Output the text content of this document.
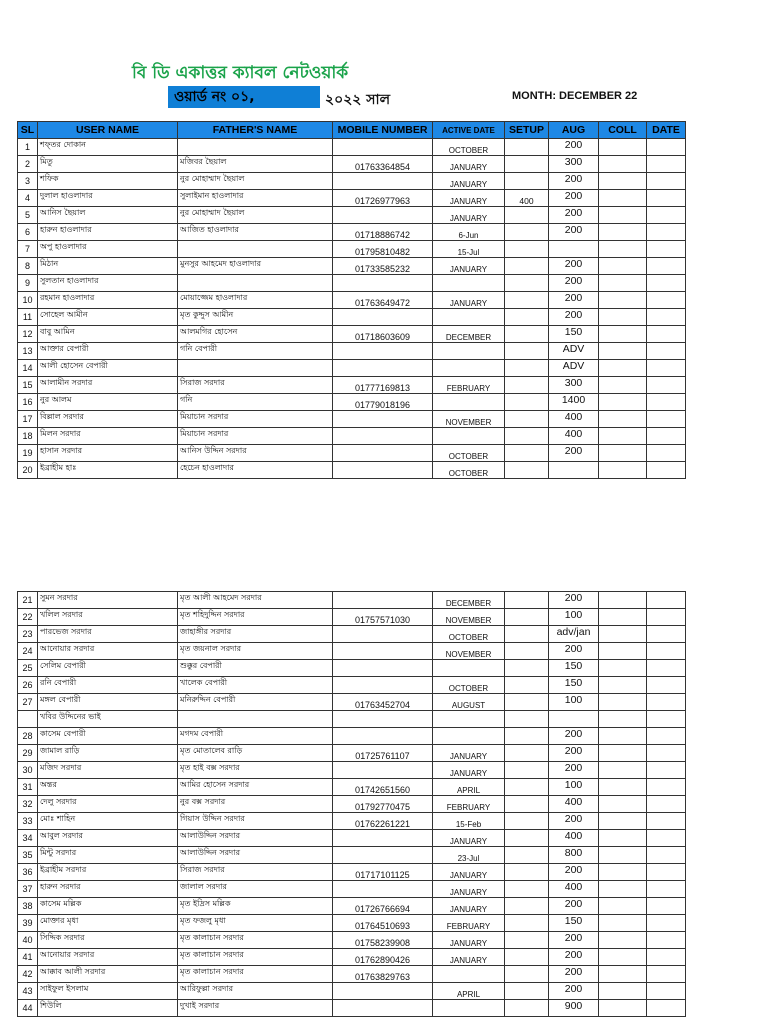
বি ডি একাত্তর ক্যাবল নেটওয়ার্ক
ওয়ার্ড নং ০১,	২০২২ সাল	MONTH: DECEMBER 22
SL	USER NAME	FATHER'S NAME	MOBILE NUMBER	ACTIVE DATE	SETUP	AUG	COLL	DATE
1	শফ্তর দোকান			OCTOBER		200		
2	মিতু	মজিবর ছৈয়াল	01763364854	JANUARY		300		
3	শফিক	নুর মোহাম্মাদ ছৈয়াল		JANUARY		200		
4	দুলাল হাওলাদার	সুলাইমান হাওলাদার	01726977963	JANUARY	400	200		
5	আনিস ছৈয়াল	নুর মোহাম্মাদ ছৈয়াল		JANUARY		200		
6	হারুন হাওলাদার	আজিত হাওলাদার	01718886742	6-Jun		200		
7	অপু হাওলাদার		01795810482	15-Jul				
8	মিঠান	মুনসুর আহমেদ হাওলাদার	01733585232	JANUARY		200		
9	সুলতান হাওলাদার					200		
10	রহমান হাওলাদার	মোয়াজ্জেম হাওলাদার	01763649472	JANUARY		200		
11	সোহেল আমীন	মৃত কুদ্দুস আমীন				200		
12	বাবু আমিন	আলমগির হোসেন	01718603609	DECEMBER		150		
13	আক্তার বেপারী	গনি বেপারী				ADV		
14	আলী হোসেন বেপারী					ADV		
15	আলামীন সরদার	সিরাজ সরদার	01777169813	FEBRUARY		300		
16	নুর আলম	গনি	01779018196			1400		
17	বিল্লাল সরদার	মিয়াচান সরদার		NOVEMBER		400		
18	মিলন সরদার	মিয়াচান সরদার				400		
19	হাসান সরদার	আনিস উদ্দিন সরদার		OCTOBER		200		
20	ইব্রাহীম হাঃ	হেচেন হাওলাদার		OCTOBER				
21	সুমন সরদার	মৃত আলী আহমেদ সরদার		DECEMBER		200		
22	খলিল সরদার	মৃত শহিদুদ্দিন সরদার	01757571030	NOVEMBER		100		
23	পারভেজ সরদার	জাহাঙ্গীর সরদার		OCTOBER		adv/jan		
24	আনোয়ার সরদার	মৃত জয়নাল সরদার		NOVEMBER		200		
25	সেলিম বেপারী	শুক্কুর বেপারী				150		
26	রনি বেপারী	খালেক বেপারী		OCTOBER		150		
27	মঙ্গল বেপারী	মনিরুদ্দিন বেপারী	01763452704	AUGUST		100		
	খবির উদ্দিনের ভাই							
28	কাসেম বেপারী	মগদম বেপারী				200		
29	জামাল রাড়ি	মৃত মোতালেব রাড়ি	01725761107	JANUARY		200		
30	মজিদ সরদার	মৃত হাই বক্স সরদার		JANUARY		200		
31	অন্তর	আমির হোসেন সরদার	01742651560	APRIL		100		
32	দেলু সরদার	নুর বক্স সরদার	01792770475	FEBRUARY		400		
33	মোঃ শাহিন	গিয়াস উদ্দিন সরদার	01762261221	15-Feb		200		
34	আবুল সরদার	আলাউদ্দিন সরদার		JANUARY		400		
35	মিন্টু সরদার	আলাউদ্দিন সরদার		23-Jul		800		
36	ইব্রাহীম সরদার	সিরাজ সরদার	01717101125	JANUARY		200		
37	হারুন সরদার	জালাল সরদার		JANUARY		400		
38	কাসেম মল্লিক	মৃত ইদ্রিস মল্লিক	01726766694	JANUARY		200		
39	মোক্তার মৃধা	মৃত ফজলু মৃধা	01764510693	FEBRUARY		150		
40	সিদ্দিক সরদার	মৃত কালাচান সরদার	01758239908	JANUARY		200		
41	আনোয়ার সরদার	মৃত কালাচান সরদার	01762890426	JANUARY		200		
42	আক্কাব আলী সরদার	মৃত কালাচান সরদার	01763829763			200		
43	সাইফুল ইসলাম	আরিফুল্লা সরদার		APRIL		200		
44	শিউলি	দুখাই সরদার				900		
